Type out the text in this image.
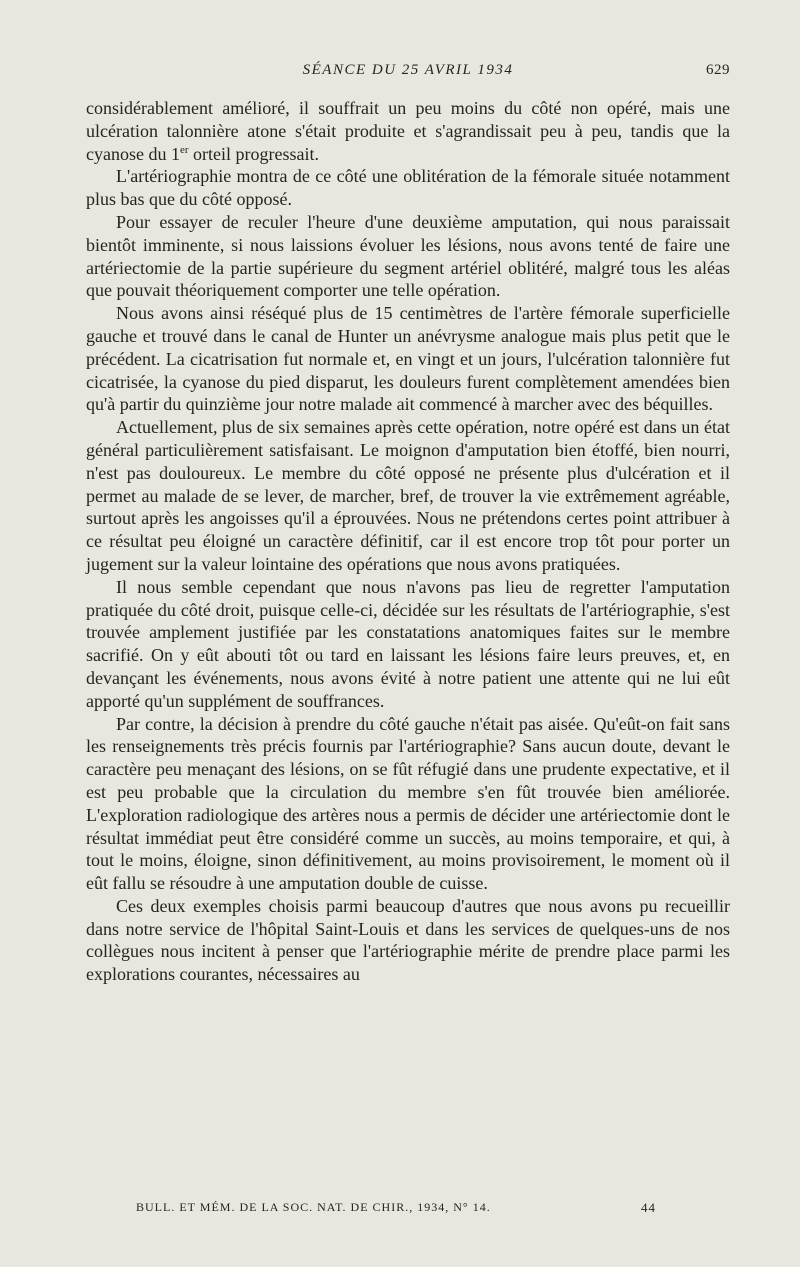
SÉANCE DU 25 AVRIL 1934	629

considérablement amélioré, il souffrait un peu moins du côté non opéré, mais une ulcération talonnière atone s'était produite et s'agrandissait peu à peu, tandis que la cyanose du 1er orteil progressait.

L'artériographie montra de ce côté une oblitération de la fémorale située notamment plus bas que du côté opposé.

Pour essayer de reculer l'heure d'une deuxième amputation, qui nous paraissait bientôt imminente, si nous laissions évoluer les lésions, nous avons tenté de faire une artériectomie de la partie supérieure du segment artériel oblitéré, malgré tous les aléas que pouvait théoriquement comporter une telle opération.

Nous avons ainsi réséqué plus de 15 centimètres de l'artère fémorale superficielle gauche et trouvé dans le canal de Hunter un anévrysme analogue mais plus petit que le précédent. La cicatrisation fut normale et, en vingt et un jours, l'ulcération talonnière fut cicatrisée, la cyanose du pied disparut, les douleurs furent complètement amendées bien qu'à partir du quinzième jour notre malade ait commencé à marcher avec des béquilles.

Actuellement, plus de six semaines après cette opération, notre opéré est dans un état général particulièrement satisfaisant. Le moignon d'amputation bien étoffé, bien nourri, n'est pas douloureux. Le membre du côté opposé ne présente plus d'ulcération et il permet au malade de se lever, de marcher, bref, de trouver la vie extrêmement agréable, surtout après les angoisses qu'il a éprouvées. Nous ne prétendons certes point attribuer à ce résultat peu éloigné un caractère définitif, car il est encore trop tôt pour porter un jugement sur la valeur lointaine des opérations que nous avons pratiquées.

Il nous semble cependant que nous n'avons pas lieu de regretter l'amputation pratiquée du côté droit, puisque celle-ci, décidée sur les résultats de l'artériographie, s'est trouvée amplement justifiée par les constatations anatomiques faites sur le membre sacrifié. On y eût abouti tôt ou tard en laissant les lésions faire leurs preuves, et, en devançant les événements, nous avons évité à notre patient une attente qui ne lui eût apporté qu'un supplément de souffrances.

Par contre, la décision à prendre du côté gauche n'était pas aisée. Qu'eût-on fait sans les renseignements très précis fournis par l'artériographie? Sans aucun doute, devant le caractère peu menaçant des lésions, on se fût réfugié dans une prudente expectative, et il est peu probable que la circulation du membre s'en fût trouvée bien améliorée. L'exploration radiologique des artères nous a permis de décider une artériectomie dont le résultat immédiat peut être considéré comme un succès, au moins temporaire, et qui, à tout le moins, éloigne, sinon définitivement, au moins provisoirement, le moment où il eût fallu se résoudre à une amputation double de cuisse.

Ces deux exemples choisis parmi beaucoup d'autres que nous avons pu recueillir dans notre service de l'hôpital Saint-Louis et dans les services de quelques-uns de nos collègues nous incitent à penser que l'artériographie mérite de prendre place parmi les explorations courantes, nécessaires au

BULL. ET MÉM. DE LA SOC. NAT. DE CHIR., 1934, N° 14.	44
